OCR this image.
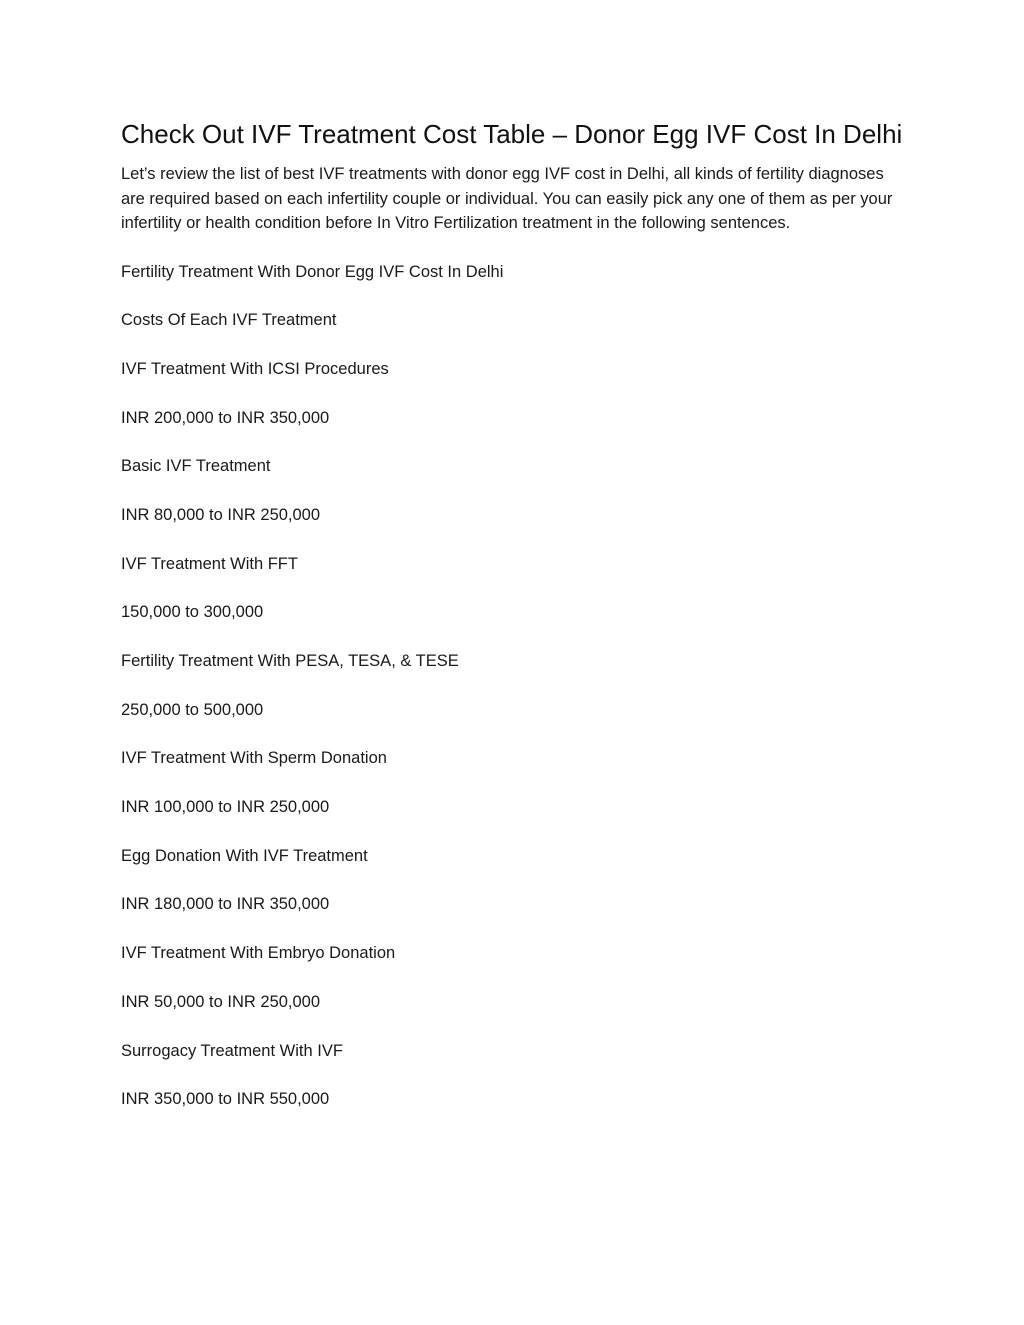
Check Out IVF Treatment Cost Table – Donor Egg IVF Cost In Delhi

Let’s review the list of best IVF treatments with donor egg IVF cost in Delhi, all kinds of fertility diagnoses are required based on each infertility couple or individual. You can easily pick any one of them as per your infertility or health condition before In Vitro Fertilization treatment in the following sentences.

Fertility Treatment With Donor Egg IVF Cost In Delhi
Costs Of Each IVF Treatment
IVF Treatment With ICSI Procedures
INR 200,000 to INR 350,000
Basic IVF Treatment
INR 80,000 to INR 250,000
IVF Treatment With FFT
150,000 to 300,000
Fertility Treatment With PESA, TESA, & TESE
250,000 to 500,000
IVF Treatment With Sperm Donation
INR 100,000 to INR 250,000
Egg Donation With IVF Treatment
INR 180,000 to INR 350,000
IVF Treatment With Embryo Donation
INR 50,000 to INR 250,000
Surrogacy Treatment With IVF
INR 350,000 to INR 550,000
